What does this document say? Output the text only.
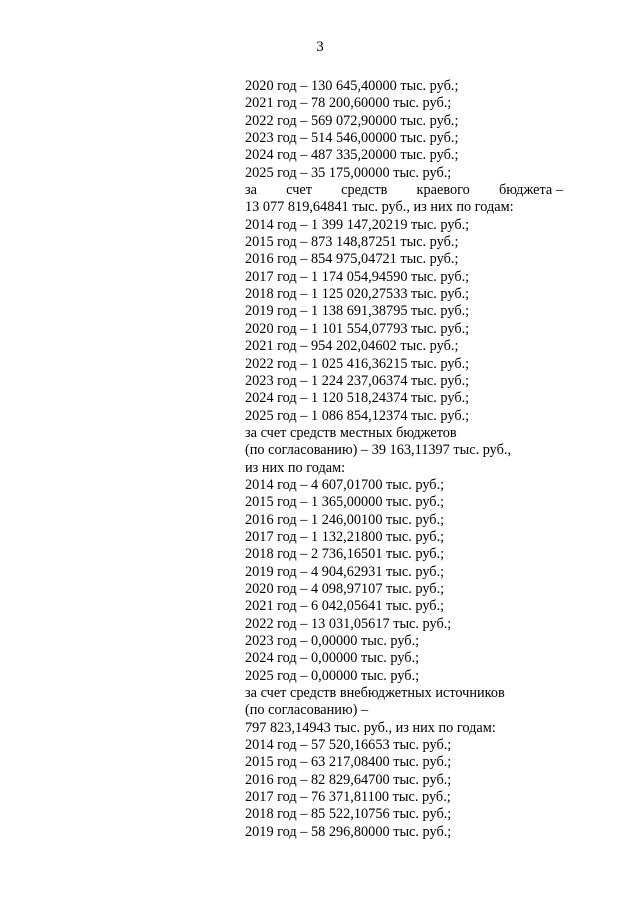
3
2020 год – 130 645,40000 тыс. руб.;
2021 год – 78 200,60000 тыс. руб.;
2022 год – 569 072,90000 тыс. руб.;
2023 год – 514 546,00000 тыс. руб.;
2024 год – 487 335,20000 тыс. руб.;
2025 год – 35 175,00000 тыс. руб.;
за счет средств краевого бюджета –
13 077 819,64841 тыс. руб., из них по годам:
2014 год – 1 399 147,20219 тыс. руб.;
2015 год – 873 148,87251 тыс. руб.;
2016 год – 854 975,04721 тыс. руб.;
2017 год – 1 174 054,94590 тыс. руб.;
2018 год – 1 125 020,27533 тыс. руб.;
2019 год – 1 138 691,38795 тыс. руб.;
2020 год – 1 101 554,07793 тыс. руб.;
2021 год – 954 202,04602 тыс. руб.;
2022 год – 1 025 416,36215 тыс. руб.;
2023 год – 1 224 237,06374 тыс. руб.;
2024 год – 1 120 518,24374 тыс. руб.;
2025 год – 1 086 854,12374 тыс. руб.;
за счет средств местных бюджетов
(по согласованию) – 39 163,11397 тыс. руб.,
из них по годам:
2014 год – 4 607,01700 тыс. руб.;
2015 год – 1 365,00000 тыс. руб.;
2016 год – 1 246,00100 тыс. руб.;
2017 год – 1 132,21800 тыс. руб.;
2018 год – 2 736,16501 тыс. руб.;
2019 год – 4 904,62931 тыс. руб.;
2020 год – 4 098,97107 тыс. руб.;
2021 год – 6 042,05641 тыс. руб.;
2022 год – 13 031,05617 тыс. руб.;
2023 год – 0,00000 тыс. руб.;
2024 год – 0,00000 тыс. руб.;
2025 год – 0,00000 тыс. руб.;
за счет средств внебюджетных источников
(по согласованию) –
797 823,14943 тыс. руб., из них по годам:
2014 год – 57 520,16653 тыс. руб.;
2015 год – 63 217,08400 тыс. руб.;
2016 год – 82 829,64700 тыс. руб.;
2017 год – 76 371,81100 тыс. руб.;
2018 год – 85 522,10756 тыс. руб.;
2019 год – 58 296,80000 тыс. руб.;
